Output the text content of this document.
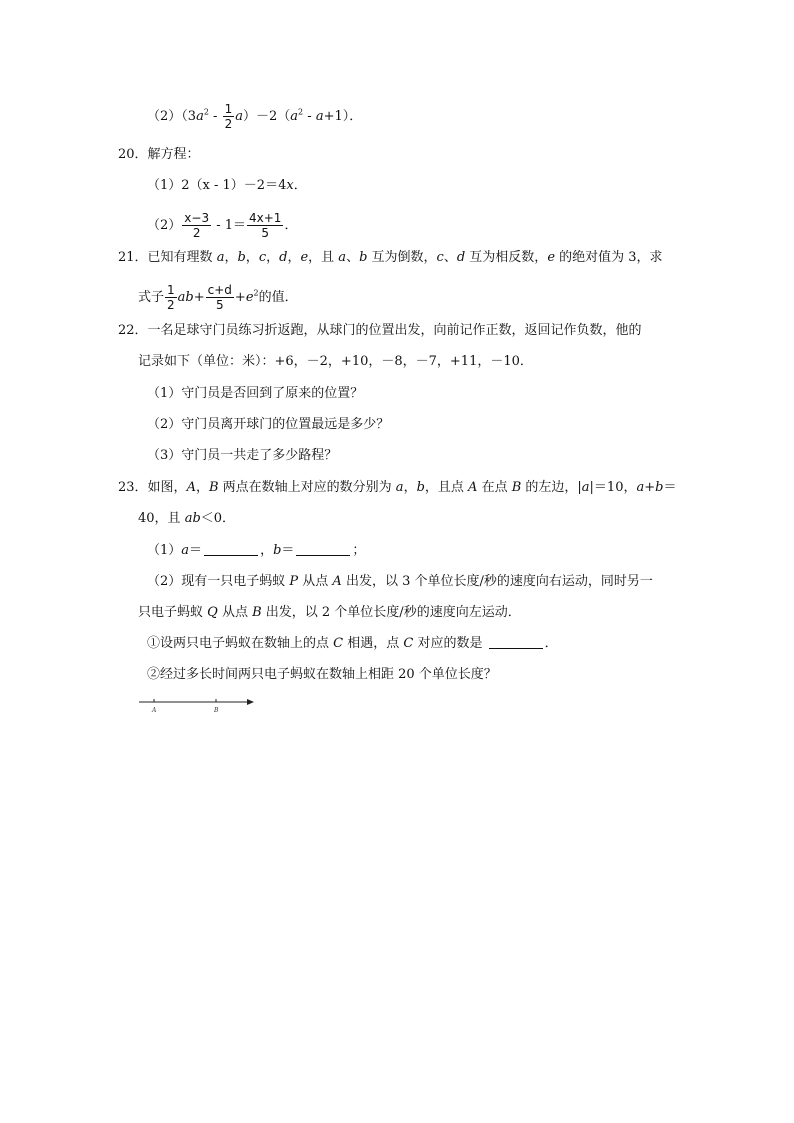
$(2)(3a^2 - \frac{1}{2} a)-2(a^2 - a+1)$．
20．解方程：
（1）2（x - 1）－2＝4x．
$(2) \frac{x-3}{2} - 1= \frac{4x+1}{5}$ ．
21．已知有理数 a，b，c，d，e，且 a、b 互为倒数，c、d 互为相反数，e 的绝对值为 3，求
式子 $\frac{1}{2} ab+ \frac{c+d}{5} +e^2$的值．
22．一名足球守门员练习折返跑，从球门的位置出发，向前记作正数，返回记作负数，他的
记录如下（单位：米）：+6，－2，+10，－8，－7，+11，－10．
（1）守门员是否回到了原来的位置？
（2）守门员离开球门的位置最远是多少？
（3）守门员一共走了多少路程？
23．如图，A，B 两点在数轴上对应的数分别为 a，b，且点 A 在点 B 的左边，|a|＝10，a+b＝
40，且 ab＜0．
（1）a＝	，b＝	；
（2）现有一只电子蚂蚁 P 从点 A 出发，以 3 个单位长度/秒的速度向右运动，同时另一
只电子蚂蚁 Q 从点 B 出发，以 2 个单位长度/秒的速度向左运动．
①设两只电子蚂蚁在数轴上的点 C 相遇，点 C 对应的数是	．
②经过多长时间两只电子蚂蚁在数轴上相距 20 个单位长度？
A	B
